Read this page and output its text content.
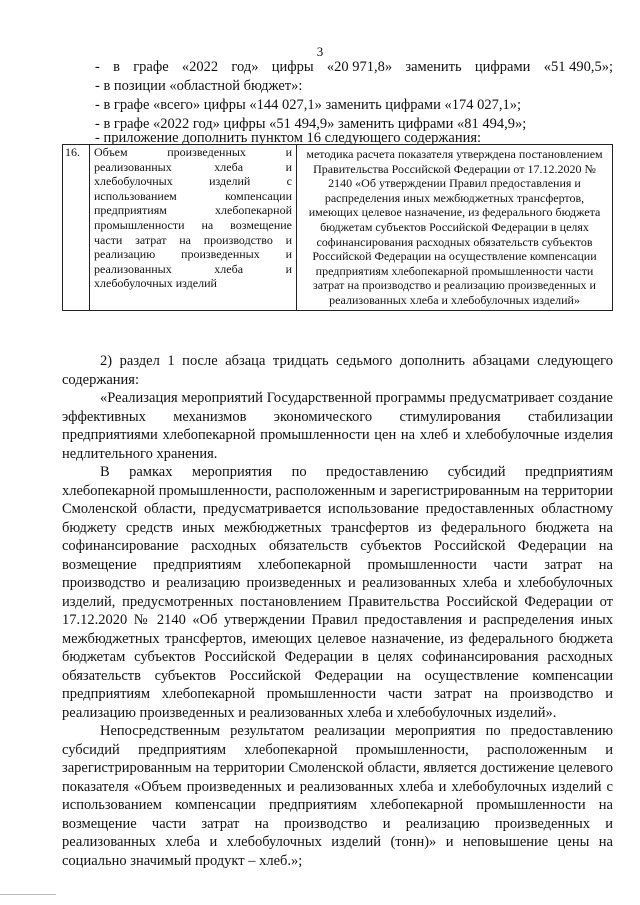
3
- в графе «2022 год» цифры «20 971,8» заменить цифрами «51 490,5»;
- в позиции «областной бюджет»:
- в графе «всего» цифры «144 027,1» заменить цифрами «174 027,1»;
- в графе «2022 год» цифры «51 494,9» заменить цифрами «81 494,9»;
- приложение дополнить пунктом 16 следующего содержания:
16.	Объем произведенных и реализованных хлеба и хлебобулочных изделий с использованием компенсации предприятиям хлебопекарной промышленности на возмещение части затрат на производство и реализацию произведенных и реализованных хлеба и хлебобулочных изделий	методика расчета показателя утверждена постановлением Правительства Российской Федерации от 17.12.2020 № 2140 «Об утверждении Правил предоставления и распределения иных межбюджетных трансфертов, имеющих целевое назначение, из федерального бюджета бюджетам субъектов Российской Федерации в целях софинансирования расходных обязательств субъектов Российской Федерации на осуществление компенсации предприятиям хлебопекарной промышленности части затрат на производство и реализацию произведенных и реализованных хлеба и хлебобулочных изделий»

2) раздел 1 после абзаца тридцать седьмого дополнить абзацами следующего содержания:

«Реализация мероприятий Государственной программы предусматривает создание эффективных механизмов экономического стимулирования стабилизации предприятиями хлебопекарной промышленности цен на хлеб и хлебобулочные изделия недлительного хранения.

В рамках мероприятия по предоставлению субсидий предприятиям хлебопекарной промышленности, расположенным и зарегистрированным на территории Смоленской области, предусматривается использование предоставленных областному бюджету средств иных межбюджетных трансфертов из федерального бюджета на софинансирование расходных обязательств субъектов Российской Федерации на возмещение предприятиям хлебопекарной промышленности части затрат на производство и реализацию произведенных и реализованных хлеба и хлебобулочных изделий, предусмотренных постановлением Правительства Российской Федерации от 17.12.2020 № 2140 «Об утверждении Правил предоставления и распределения иных межбюджетных трансфертов, имеющих целевое назначение, из федерального бюджета бюджетам субъектов Российской Федерации в целях софинансирования расходных обязательств субъектов Российской Федерации на осуществление компенсации предприятиям хлебопекарной промышленности части затрат на производство и реализацию произведенных и реализованных хлеба и хлебобулочных изделий».

Непосредственным результатом реализации мероприятия по предоставлению субсидий предприятиям хлебопекарной промышленности, расположенным и зарегистрированным на территории Смоленской области, является достижение целевого показателя «Объем произведенных и реализованных хлеба и хлебобулочных изделий с использованием компенсации предприятиям хлебопекарной промышленности на возмещение части затрат на производство и реализацию произведенных и реализованных хлеба и хлебобулочных изделий (тонн)» и неповышение цены на социально значимый продукт – хлеб.»;
